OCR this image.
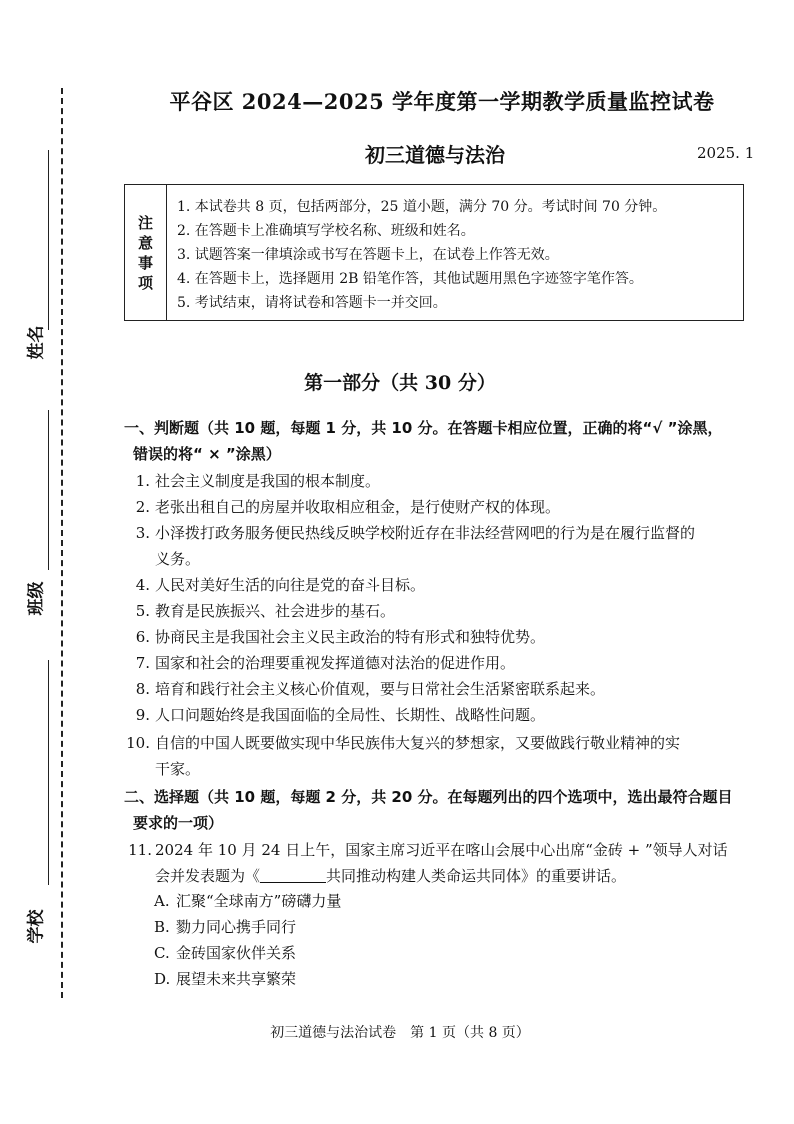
姓名
班级
学校
平谷区 2024—2025 学年度第一学期教学质量监控试卷
初三道德与法治	2025. 1
注
意
事
项
1. 本试卷共 8 页，包括两部分，25 道小题，满分 70 分。考试时间 70 分钟。
2. 在答题卡上准确填写学校名称、班级和姓名。
3. 试题答案一律填涂或书写在答题卡上，在试卷上作答无效。
4. 在答题卡上，选择题用 2B 铅笔作答，其他试题用黑色字迹签字笔作答。
5. 考试结束，请将试卷和答题卡一并交回。
第一部分（共 30 分）
一、判断题（共 10 题，每题 1 分，共 10 分。在答题卡相应位置，正确的将“√ ”涂黑，
错误的将“ × ”涂黑）
1. 社会主义制度是我国的根本制度。
2. 老张出租自己的房屋并收取相应租金，是行使财产权的体现。
3. 小泽拨打政务服务便民热线反映学校附近存在非法经营网吧的行为是在履行监督的
义务。
4. 人民对美好生活的向往是党的奋斗目标。
5. 教育是民族振兴、社会进步的基石。
6. 协商民主是我国社会主义民主政治的特有形式和独特优势。
7. 国家和社会的治理要重视发挥道德对法治的促进作用。
8. 培育和践行社会主义核心价值观，要与日常社会生活紧密联系起来。
9. 人口问题始终是我国面临的全局性、长期性、战略性问题。
10. 自信的中国人既要做实现中华民族伟大复兴的梦想家，又要做践行敬业精神的实
干家。
二、选择题（共 10 题，每题 2 分，共 20 分。在每题列出的四个选项中，选出最符合题目
要求的一项）
11. 2024 年 10 月 24 日上午，国家主席习近平在喀山会展中心出席“金砖 + ”领导人对话
会并发表题为《	共同推动构建人类命运共同体》的重要讲话。
A. 汇聚“全球南方”磅礴力量
B. 勠力同心携手同行
C. 金砖国家伙伴关系
D. 展望未来共享繁荣
初三道德与法治试卷　第 1 页（共 8 页）
